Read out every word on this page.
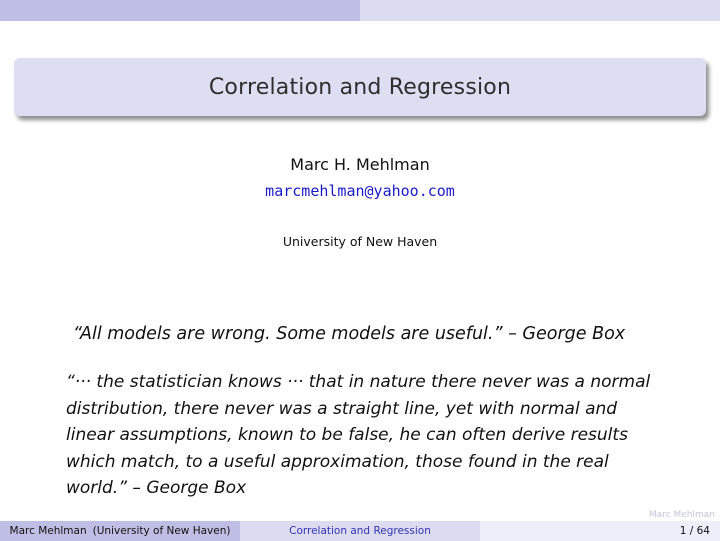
Correlation and Regression
Marc H. Mehlman
marcmehlman@yahoo.com
University of New Haven
“All models are wrong. Some models are useful.” – George Box
“··· the statistician knows ··· that in nature there never was a normal distribution, there never was a straight line, yet with normal and linear assumptions, known to be false, he can often derive results which match, to a useful approximation, those found in the real world.” – George Box
Marc Mehlman
Marc Mehlman (University of New Haven)	Correlation and Regression	1 / 64
